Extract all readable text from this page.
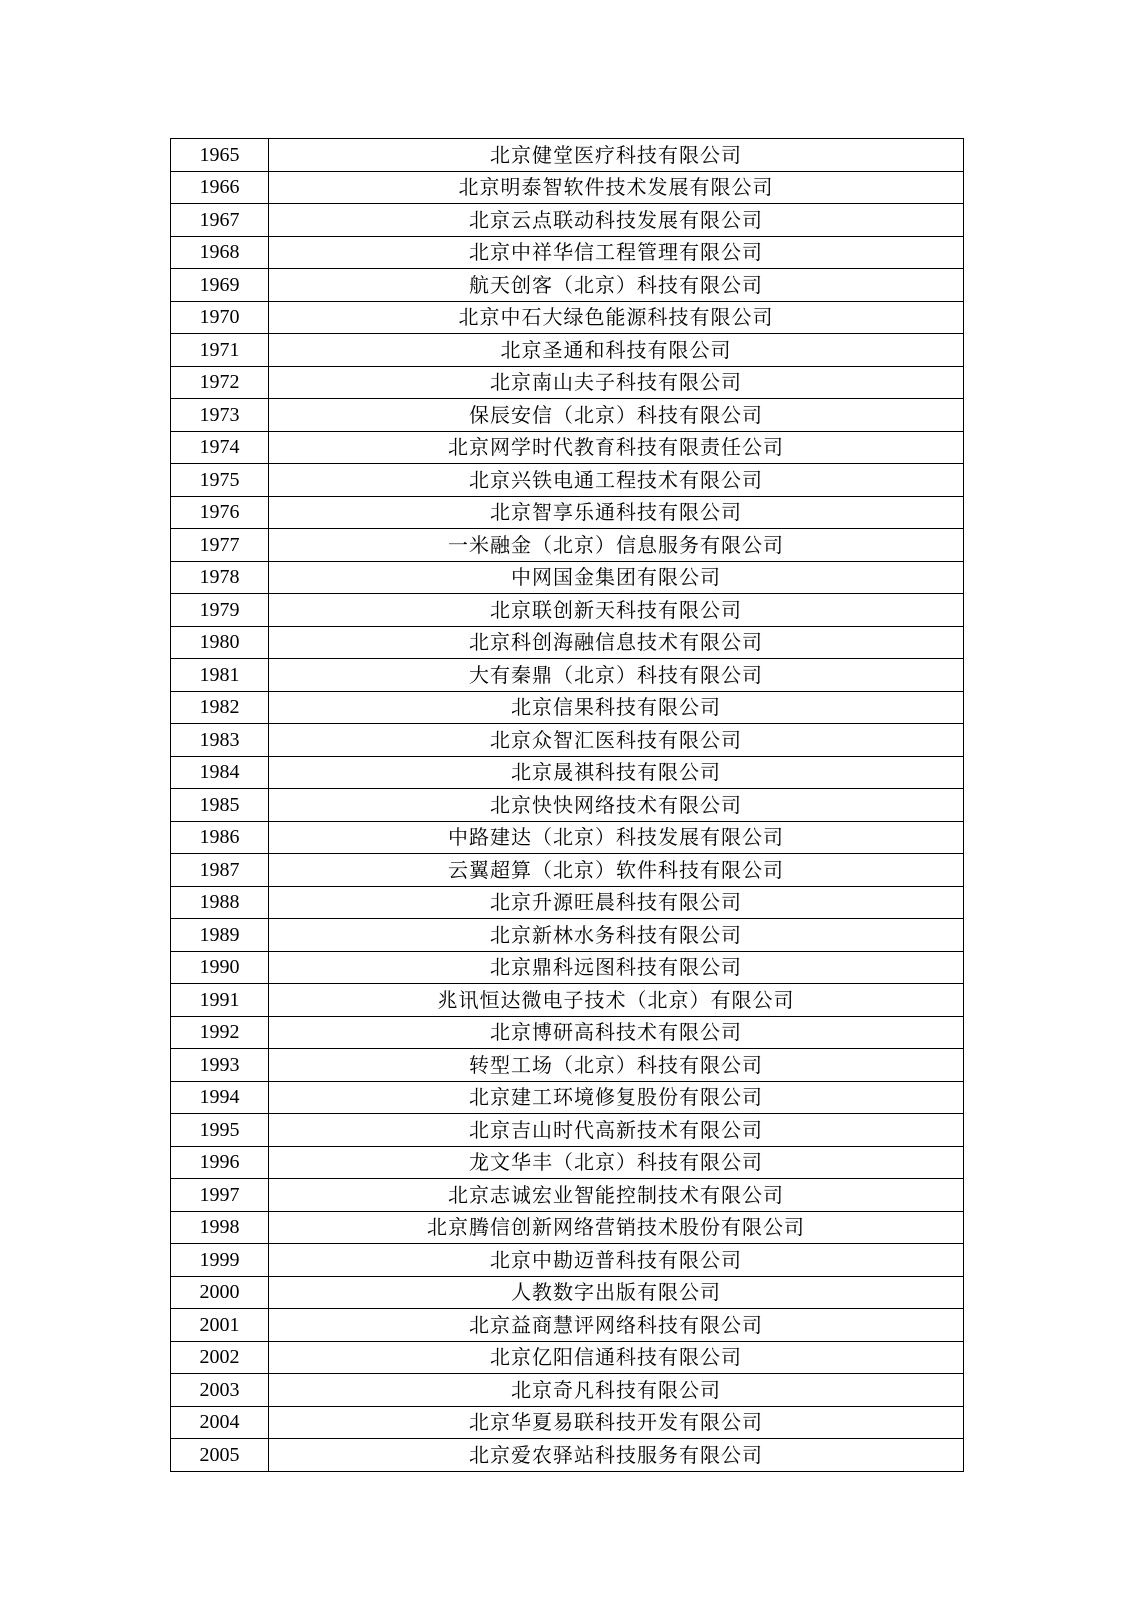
1965	北京健堂医疗科技有限公司
1966	北京明泰智软件技术发展有限公司
1967	北京云点联动科技发展有限公司
1968	北京中祥华信工程管理有限公司
1969	航天创客（北京）科技有限公司
1970	北京中石大绿色能源科技有限公司
1971	北京圣通和科技有限公司
1972	北京南山夫子科技有限公司
1973	保辰安信（北京）科技有限公司
1974	北京网学时代教育科技有限责任公司
1975	北京兴铁电通工程技术有限公司
1976	北京智享乐通科技有限公司
1977	一米融金（北京）信息服务有限公司
1978	中网国金集团有限公司
1979	北京联创新天科技有限公司
1980	北京科创海融信息技术有限公司
1981	大有秦鼎（北京）科技有限公司
1982	北京信果科技有限公司
1983	北京众智汇医科技有限公司
1984	北京晟祺科技有限公司
1985	北京快快网络技术有限公司
1986	中路建达（北京）科技发展有限公司
1987	云翼超算（北京）软件科技有限公司
1988	北京升源旺晨科技有限公司
1989	北京新林水务科技有限公司
1990	北京鼎科远图科技有限公司
1991	兆讯恒达微电子技术（北京）有限公司
1992	北京博研高科技术有限公司
1993	转型工场（北京）科技有限公司
1994	北京建工环境修复股份有限公司
1995	北京吉山时代高新技术有限公司
1996	龙文华丰（北京）科技有限公司
1997	北京志诚宏业智能控制技术有限公司
1998	北京腾信创新网络营销技术股份有限公司
1999	北京中勘迈普科技有限公司
2000	人教数字出版有限公司
2001	北京益商慧评网络科技有限公司
2002	北京亿阳信通科技有限公司
2003	北京奇凡科技有限公司
2004	北京华夏易联科技开发有限公司
2005	北京爱农驿站科技服务有限公司
